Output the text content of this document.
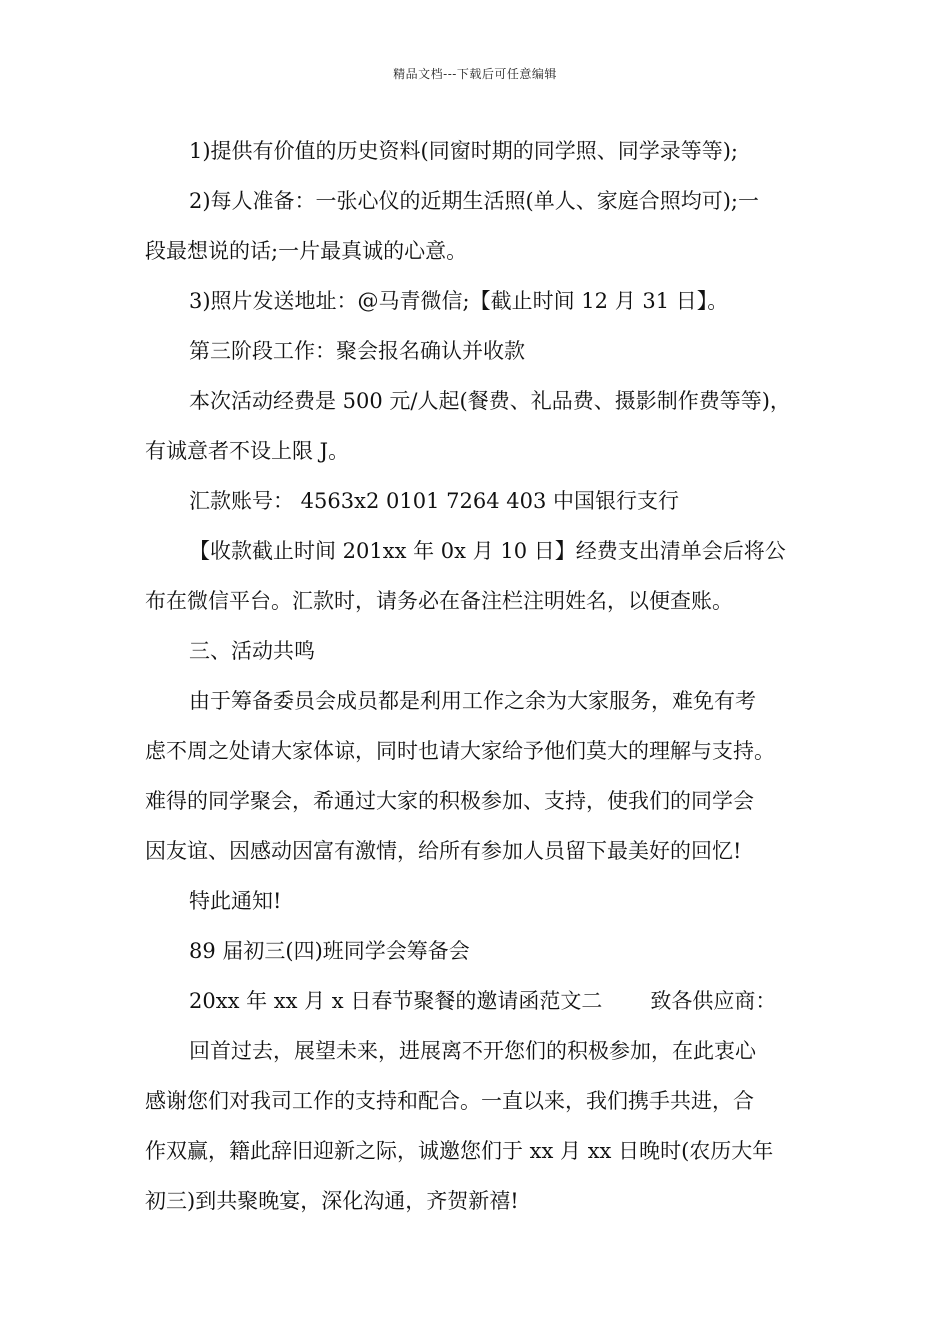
精品文档---下载后可任意编辑
1)提供有价值的历史资料(同窗时期的同学照、同学录等等);
2)每人准备：一张心仪的近期生活照(单人、家庭合照均可);一
段最想说的话;一片最真诚的心意。
3)照片发送地址：@马青微信;【截止时间 12 月 31 日】。
第三阶段工作：聚会报名确认并收款
本次活动经费是 500 元/人起(餐费、礼品费、摄影制作费等等)，
有诚意者不设上限 J。
汇款账号： 4563x2 0101 7264 403 中国银行支行
【收款截止时间 201xx 年 0x 月 10 日】经费支出清单会后将公
布在微信平台。汇款时，请务必在备注栏注明姓名，以便查账。
三、活动共鸣
由于筹备委员会成员都是利用工作之余为大家服务，难免有考
虑不周之处请大家体谅，同时也请大家给予他们莫大的理解与支持。
难得的同学聚会，希通过大家的积极参加、支持，使我们的同学会
因友谊、因感动因富有激情，给所有参加人员留下最美好的回忆!
特此通知!
89 届初三(四)班同学会筹备会
20xx 年 xx 月 x 日春节聚餐的邀请函范文二 致各供应商：
回首过去，展望未来，进展离不开您们的积极参加，在此衷心
感谢您们对我司工作的支持和配合。一直以来，我们携手共进，合
作双赢，籍此辞旧迎新之际，诚邀您们于 xx 月 xx 日晚时(农历大年
初三)到共聚晚宴，深化沟通，齐贺新禧!
